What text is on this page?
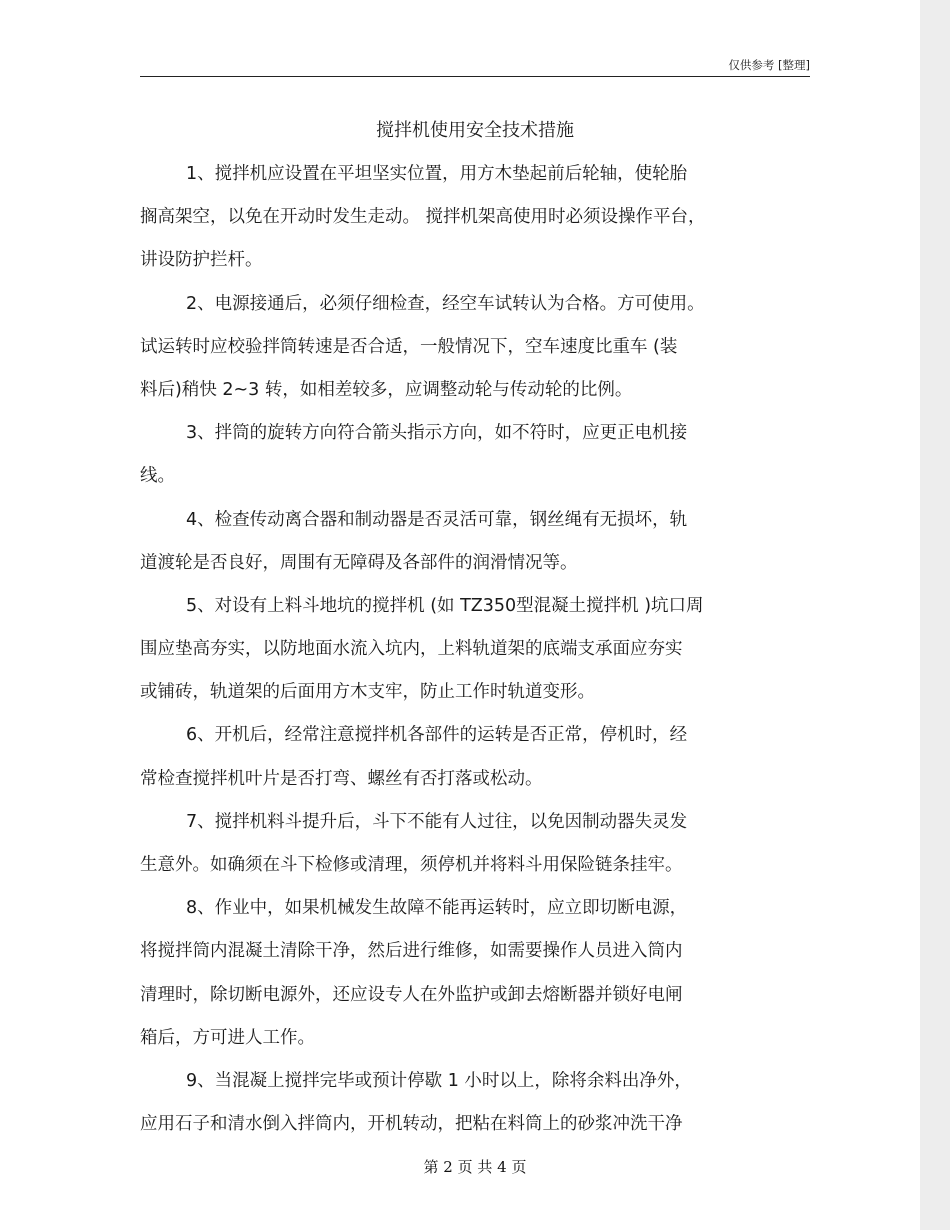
仅供参考 [整理]
搅拌机使用安全技术措施
1、搅拌机应设置在平坦坚实位置，用方木垫起前后轮轴，使轮胎
搁高架空，以免在开动时发生走动。 搅拌机架高使用时必须设操作平台，
讲设防护拦杆。
2、电源接通后，必须仔细检查，经空车试转认为合格。方可使用。
试运转时应校验拌筒转速是否合适，一般情况下，空车速度比重车 (装
料后)稍快 2~3 转，如相差较多，应调整动轮与传动轮的比例。
3、拌筒的旋转方向符合箭头指示方向，如不符时，应更正电机接
线。
4、检查传动离合器和制动器是否灵活可靠，钢丝绳有无损坏，轨
道渡轮是否良好，周围有无障碍及各部件的润滑情况等。
5、对设有上料斗地坑的搅拌机 (如 TZ350型混凝土搅拌机 )坑口周
围应垫高夯实，以防地面水流入坑内，上料轨道架的底端支承面应夯实
或铺砖，轨道架的后面用方木支牢，防止工作时轨道变形。
6、开机后，经常注意搅拌机各部件的运转是否正常，停机时，经
常检查搅拌机叶片是否打弯、螺丝有否打落或松动。
7、搅拌机料斗提升后，斗下不能有人过往，以免因制动器失灵发
生意外。如确须在斗下检修或清理，须停机并将料斗用保险链条挂牢。
8、作业中，如果机械发生故障不能再运转时，应立即切断电源，
将搅拌筒内混凝土清除干净，然后进行维修，如需要操作人员进入筒内
清理时，除切断电源外，还应设专人在外监护或卸去熔断器并锁好电闸
箱后，方可进人工作。
9、当混凝上搅拌完毕或预计停歇 1 小时以上，除将余料出净外，
应用石子和清水倒入拌筒内，开机转动，把粘在料筒上的砂浆冲洗干净
第 2 页 共 4 页
